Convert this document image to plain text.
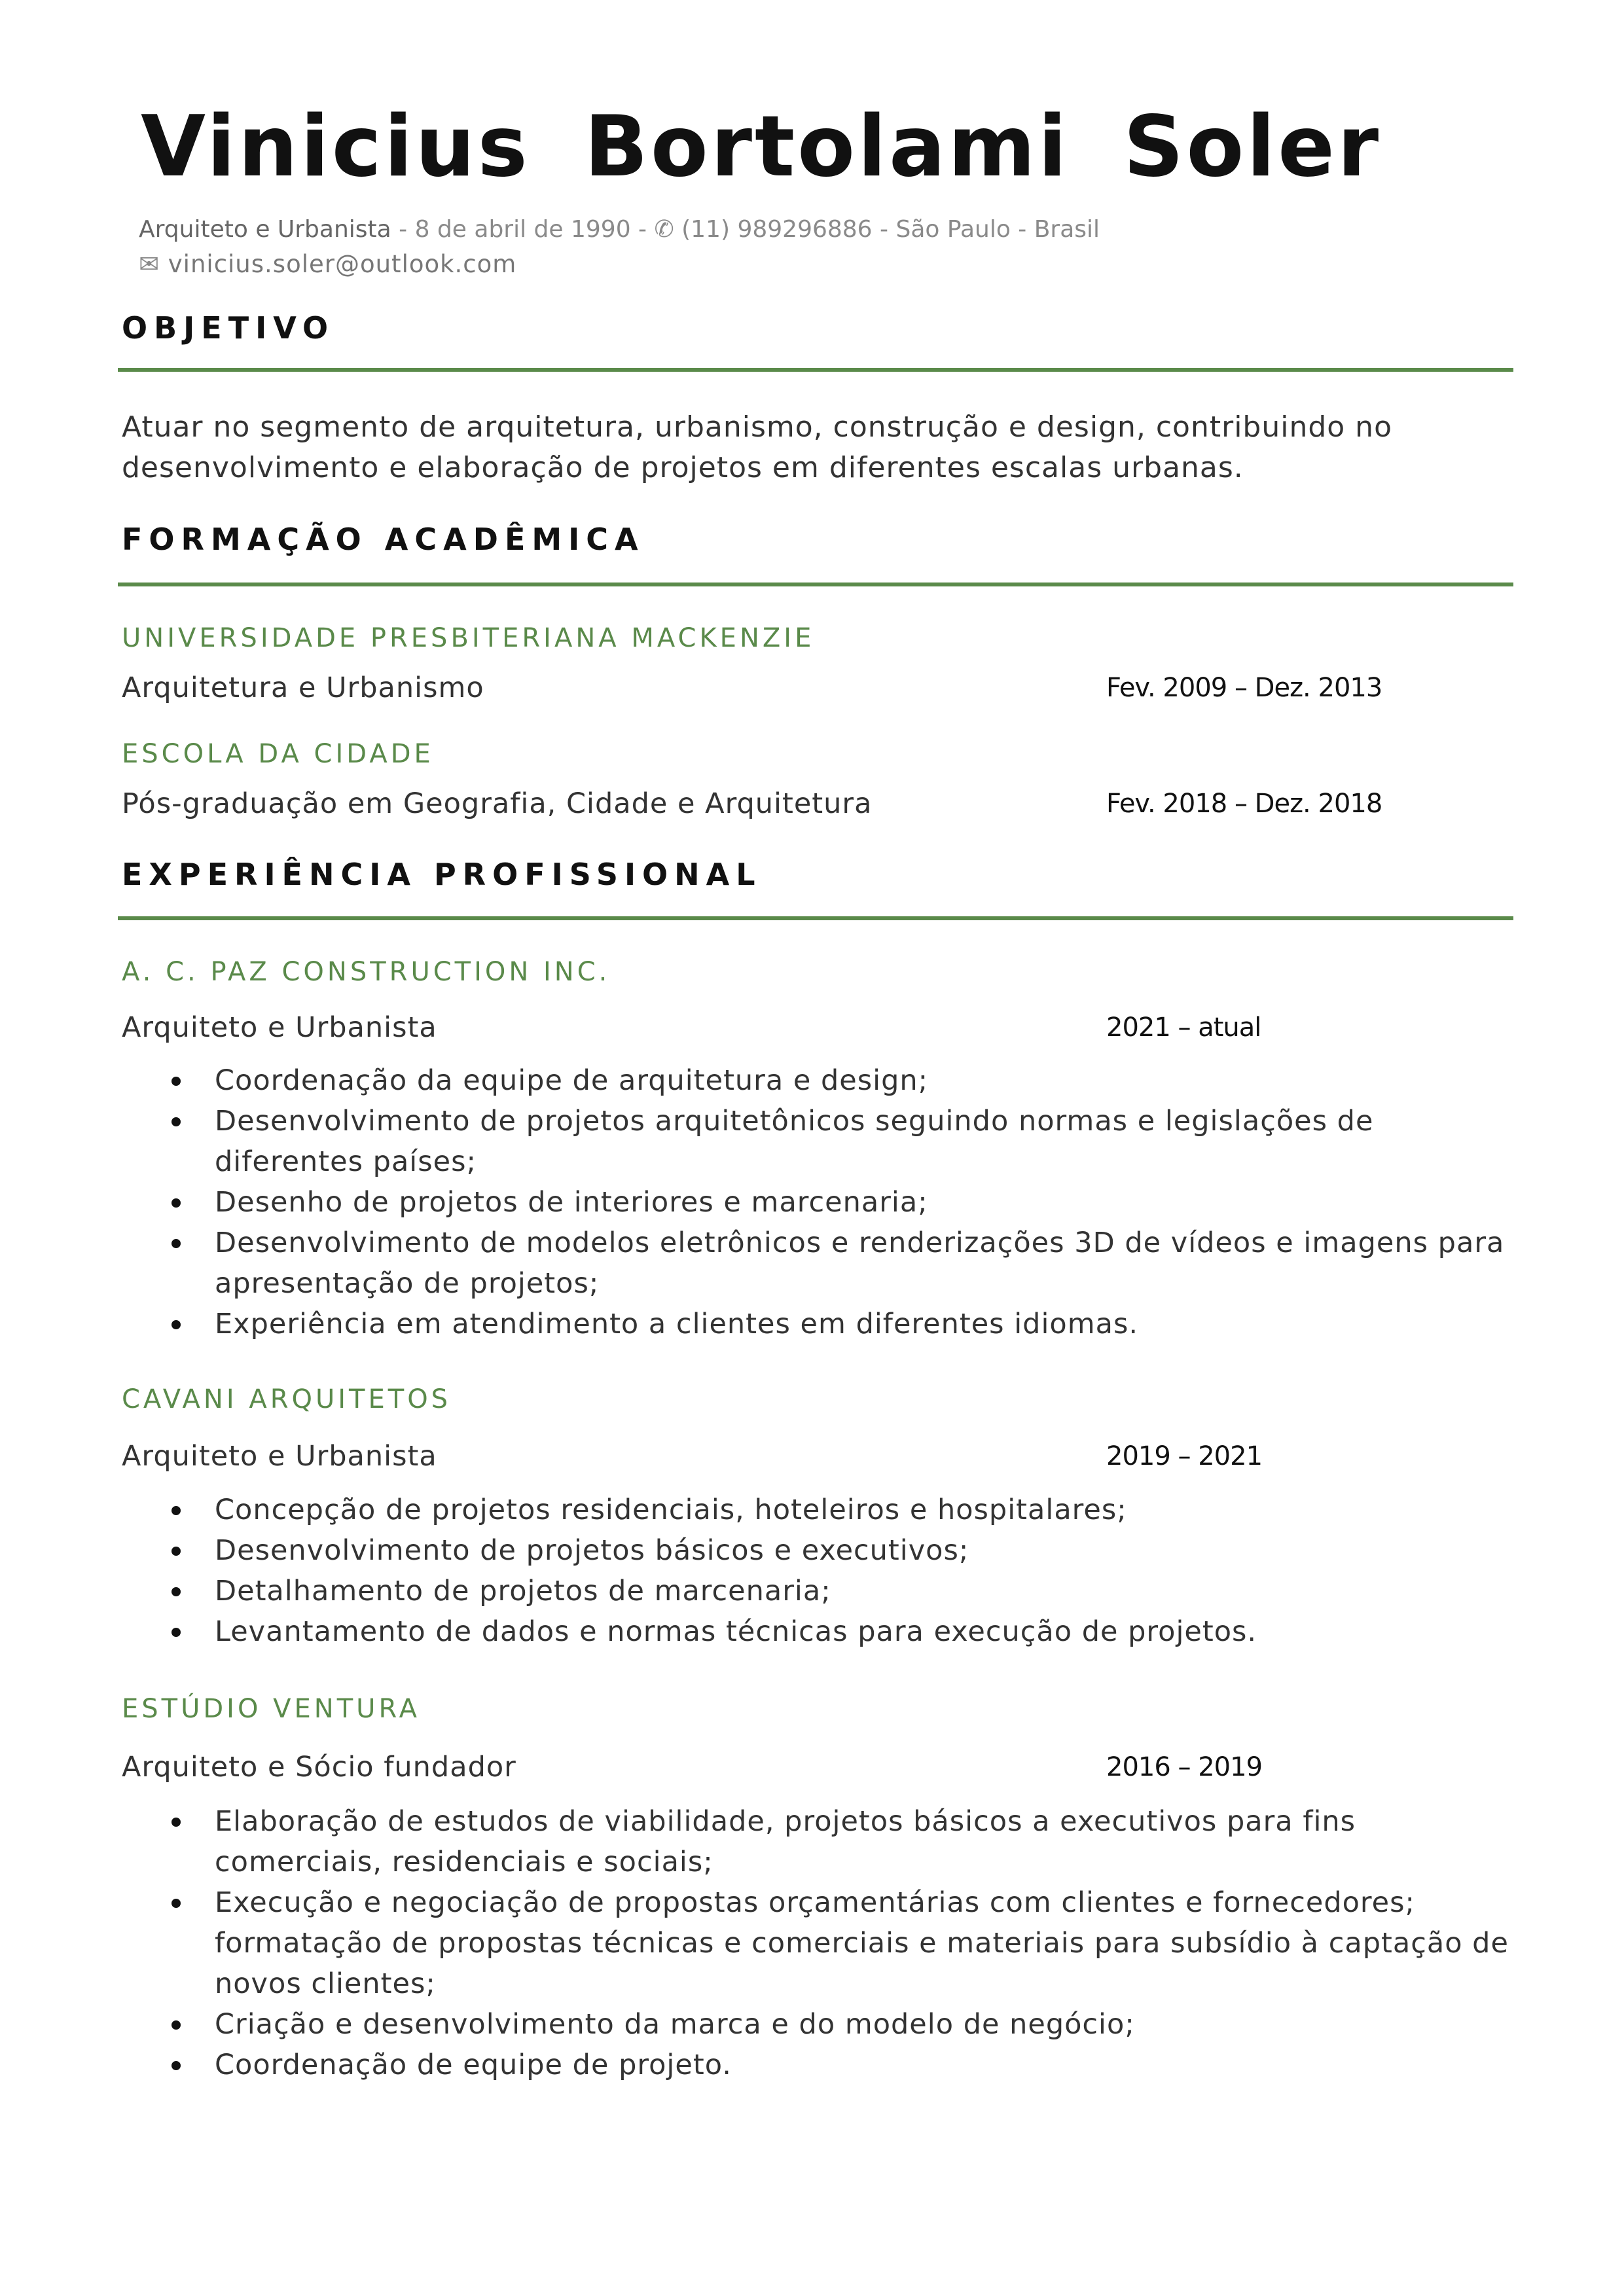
Vinicius Bortolami Soler
Arquiteto e Urbanista - 8 de abril de 1990 - ✆ (11) 989296886 - São Paulo - Brasil
✉ vinicius.soler@outlook.com
OBJETIVO
Atuar no segmento de arquitetura, urbanismo, construção e design, contribuindo no desenvolvimento e elaboração de projetos em diferentes escalas urbanas.
FORMAÇÃO ACADÊMICA
UNIVERSIDADE PRESBITERIANA MACKENZIE
Arquitetura e Urbanismo	Fev. 2009 – Dez. 2013
ESCOLA DA CIDADE
Pós-graduação em Geografia, Cidade e Arquitetura	Fev. 2018 – Dez. 2018
EXPERIÊNCIA PROFISSIONAL
A. C. PAZ CONSTRUCTION INC.
Arquiteto e Urbanista	2021 – atual
Coordenação da equipe de arquitetura e design;
Desenvolvimento de projetos arquitetônicos seguindo normas e legislações de diferentes países;
Desenho de projetos de interiores e marcenaria;
Desenvolvimento de modelos eletrônicos e renderizações 3D de vídeos e imagens para apresentação de projetos;
Experiência em atendimento a clientes em diferentes idiomas.
CAVANI ARQUITETOS
Arquiteto e Urbanista	2019 – 2021
Concepção de projetos residenciais, hoteleiros e hospitalares;
Desenvolvimento de projetos básicos e executivos;
Detalhamento de projetos de marcenaria;
Levantamento de dados e normas técnicas para execução de projetos.
ESTÚDIO VENTURA
Arquiteto e Sócio fundador	2016 – 2019
Elaboração de estudos de viabilidade, projetos básicos a executivos para fins comerciais, residenciais e sociais;
Execução e negociação de propostas orçamentárias com clientes e fornecedores; formatação de propostas técnicas e comerciais e materiais para subsídio à captação de novos clientes;
Criação e desenvolvimento da marca e do modelo de negócio;
Coordenação de equipe de projeto.
